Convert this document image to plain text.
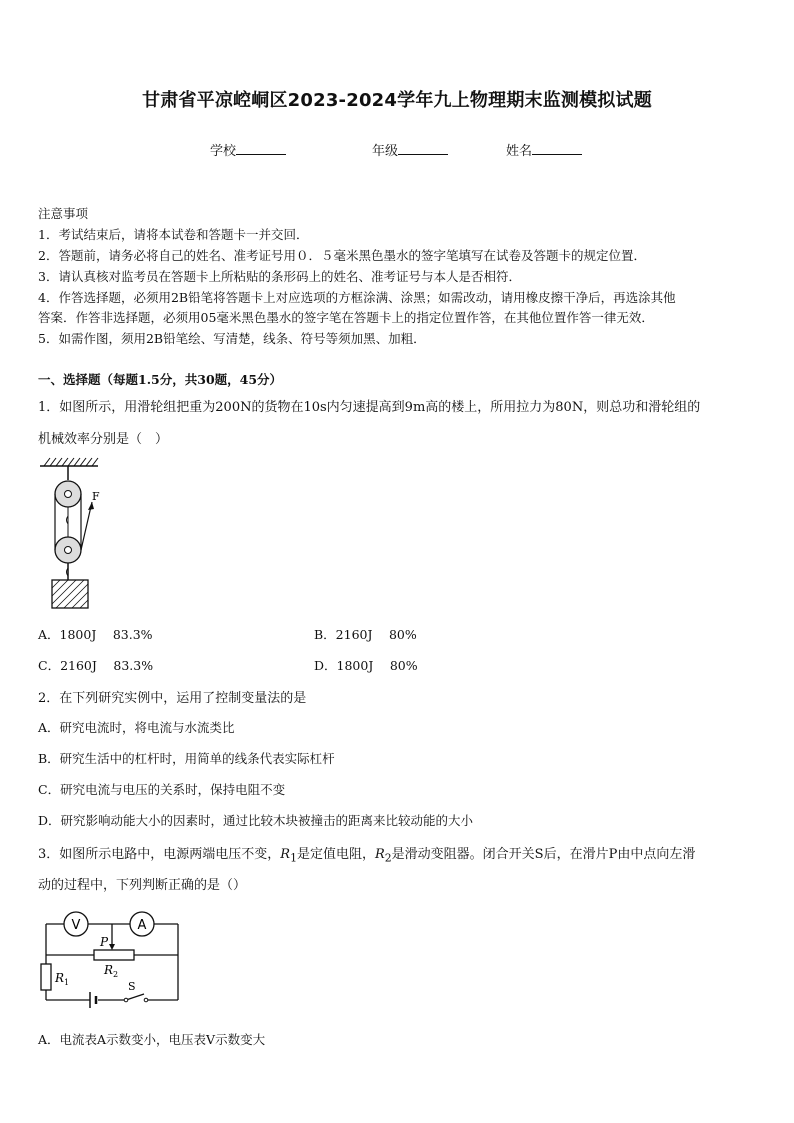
甘肃省平凉崆峒区2023-2024学年九上物理期末监测模拟试题
学校	年级	姓名
注意事项
1．考试结束后，请将本试卷和答题卡一并交回．
2．答题前，请务必将自己的姓名、准考证号用０．５毫米黑色墨水的签字笔填写在试卷及答题卡的规定位置．
3．请认真核对监考员在答题卡上所粘贴的条形码上的姓名、准考证号与本人是否相符．
4．作答选择题，必须用2B铅笔将答题卡上对应选项的方框涂满、涂黑；如需改动，请用橡皮擦干净后，再选涂其他
答案．作答非选择题，必须用05毫米黑色墨水的签字笔在答题卡上的指定位置作答，在其他位置作答一律无效．
5．如需作图，须用2B铅笔绘、写清楚，线条、符号等须加黑、加粗．
一、选择题（每题1.5分，共30题，45分）
1．如图所示，用滑轮组把重为200N的货物在10s内匀速提高到9m高的楼上，所用拉力为80N，则总功和滑轮组的
机械效率分别是（　）
F
A．1800J　 83.3%	B．2160J　 80%
C．2160J　 83.3%	D．1800J　 80%
2．在下列研究实例中，运用了控制变量法的是
A．研究电流时，将电流与水流类比
B．研究生活中的杠杆时，用简单的线条代表实际杠杆
C．研究电流与电压的关系时，保持电阻不变
D．研究影响动能大小的因素时，通过比较木块被撞击的距离来比较动能的大小
3．如图所示电路中，电源两端电压不变，$R_1$是定值电阻，$R_2$是滑动变阻器。闭合开关S后，在滑片P由中点向左滑
动的过程中，下列判断正确的是（）
V	A
P
$R_2$
$R_1$	S
A．电流表A示数变小，电压表V示数变大
